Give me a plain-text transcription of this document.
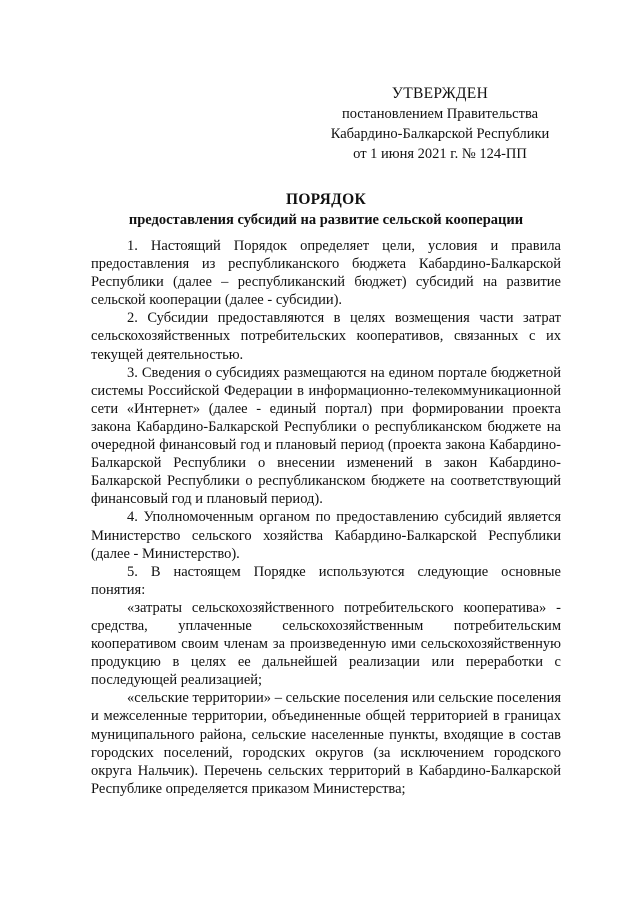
УТВЕРЖДЕН
постановлением Правительства
Кабардино-Балкарской Республики
от 1 июня 2021 г. № 124-ПП
ПОРЯДОК
предоставления субсидий на развитие сельской кооперации

1. Настоящий Порядок определяет цели, условия и правила предоставления из республиканского бюджета Кабардино-Балкарской Республики (далее – республиканский бюджет) субсидий на развитие сельской кооперации (далее - субсидии).

2. Субсидии предоставляются в целях возмещения части затрат сельскохозяйственных потребительских кооперативов, связанных с их текущей деятельностью.

3. Сведения о субсидиях размещаются на едином портале бюджетной системы Российской Федерации в информационно-телекоммуникационной сети «Интернет» (далее - единый портал) при формировании проекта закона Кабардино-Балкарской Республики о республиканском бюджете на очередной финансовый год и плановый период (проекта закона Кабардино-Балкарской Республики о внесении изменений в закон Кабардино-Балкарской Республики о республиканском бюджете на соответствующий финансовый год и плановый период).

4. Уполномоченным органом по предоставлению субсидий является Министерство сельского хозяйства Кабардино-Балкарской Республики (далее - Министерство).

5. В настоящем Порядке используются следующие основные понятия:

«затраты сельскохозяйственного потребительского кооператива» - средства, уплаченные сельскохозяйственным потребительским кооперативом своим членам за произведенную ими сельскохозяйственную продукцию в целях ее дальнейшей реализации или переработки с последующей реализацией;

«сельские территории» – сельские поселения или сельские поселения и межселенные территории, объединенные общей территорией в границах муниципального района, сельские населенные пункты, входящие в состав городских поселений, городских округов (за исключением городского округа Нальчик). Перечень сельских территорий в Кабардино-Балкарской Республике определяется приказом Министерства;
